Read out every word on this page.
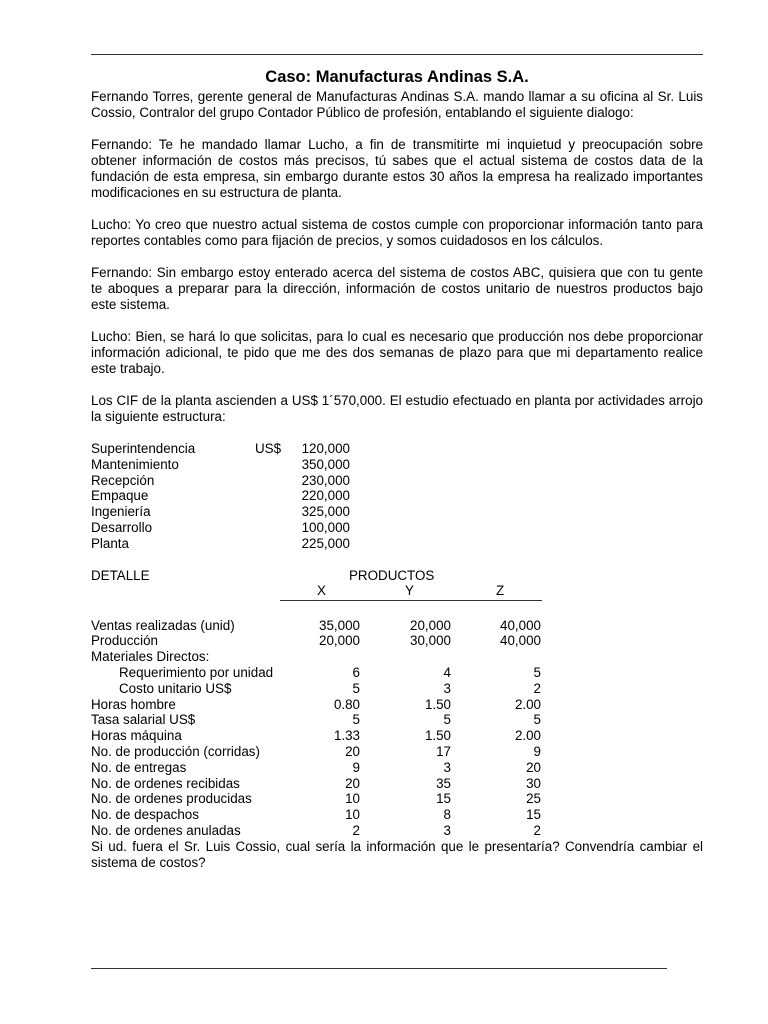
Caso: Manufacturas Andinas S.A.

Fernando Torres, gerente general de Manufacturas Andinas S.A. mando llamar a su oficina al Sr. Luis Cossio, Contralor del grupo Contador Público de profesión, entablando el siguiente dialogo:

Fernando: Te he mandado llamar Lucho, a fin de transmitirte mi inquietud y preocupación sobre obtener información de costos más precisos, tú sabes que el actual sistema de costos data de la fundación de esta empresa, sin embargo durante estos 30 años la empresa ha realizado importantes modificaciones en su estructura de planta.

Lucho: Yo creo que nuestro actual sistema de costos cumple con proporcionar información tanto para reportes contables como para fijación de precios, y somos cuidadosos en los cálculos.

Fernando: Sin embargo estoy enterado acerca del sistema de costos ABC, quisiera que con tu gente te aboques a preparar para la dirección, información de costos unitario de nuestros productos bajo este sistema.

Lucho: Bien, se hará lo que solicitas, para lo cual es necesario que producción nos debe proporcionar información adicional, te pido que me des dos semanas de plazo para que mi departamento realice este trabajo.

Los CIF de la planta ascienden a US$ 1´570,000. El estudio efectuado en planta por actividades arrojo la siguiente estructura:

Superintendencia	US$ 120,000
Mantenimiento	350,000
Recepción	230,000
Empaque	220,000
Ingeniería	325,000
Desarrollo	100,000
Planta	225,000
DETALLE	PRODUCTOS
X	Y	Z
Ventas realizadas (unid)	35,000	20,000	40,000
Producción	20,000	30,000	40,000
Materiales Directos:
Requerimiento por unidad	6	4	5
Costo unitario US$	5	3	2
Horas hombre	0.80	1.50	2.00
Tasa salarial US$	5	5	5
Horas máquina	1.33	1.50	2.00
No. de producción (corridas)	20	17	9
No. de entregas	9	3	20
No. de ordenes recibidas	20	35	30
No. de ordenes producidas	10	15	25
No. de despachos	10	8	15
No. de ordenes anuladas	2	3	2

Si ud. fuera el Sr. Luis Cossio, cual sería la información que le presentaría? Convendría cambiar el sistema de costos?
